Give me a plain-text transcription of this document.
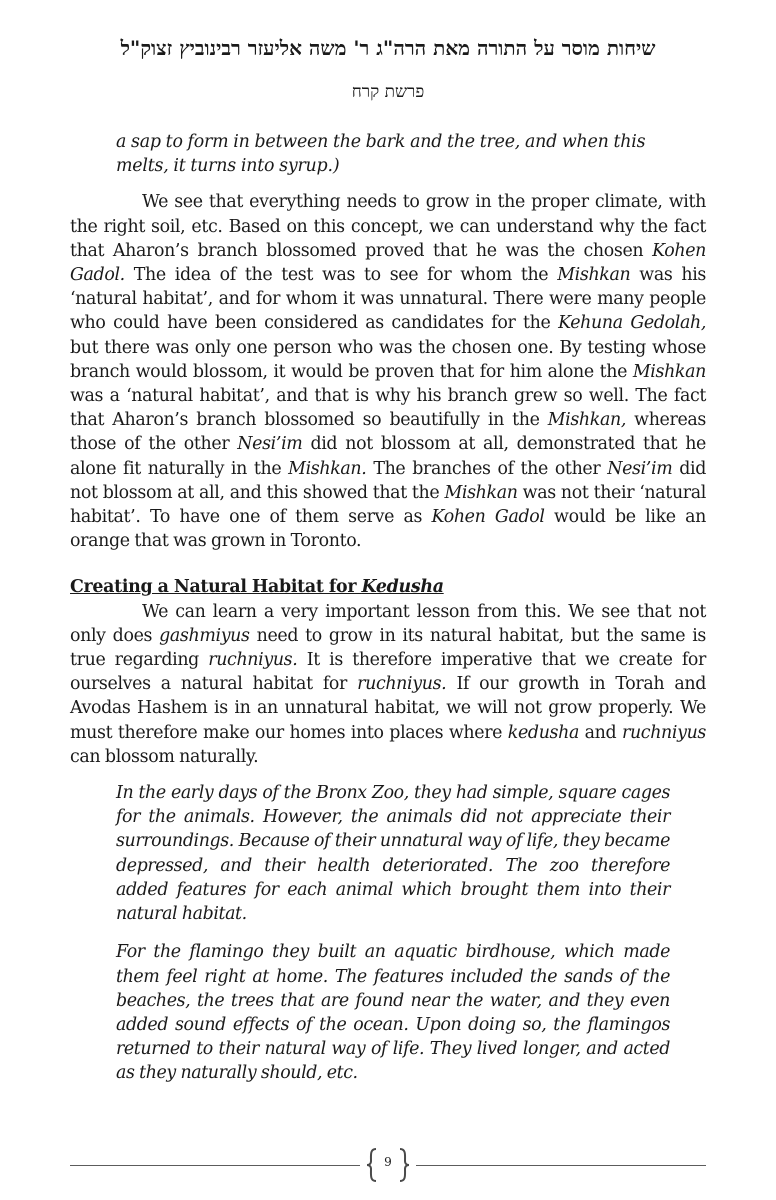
שיחות מוסר על התורה מאת הרה"ג ר' משה אליעזר רבינוביץ זצוק"ל
פרשת קרח

a sap to form in between the bark and the tree, and when this melts, it turns into syrup.)

We see that everything needs to grow in the proper climate, with the right soil, etc. Based on this concept, we can understand why the fact that Aharon’s branch blossomed proved that he was the chosen Kohen Gadol. The idea of the test was to see for whom the Mishkan was his ‘natural habitat’, and for whom it was unnatural. There were many people who could have been considered as candidates for the Kehuna Gedolah, but there was only one person who was the chosen one. By testing whose branch would blossom, it would be proven that for him alone the Mishkan was a ‘natural habitat’, and that is why his branch grew so well. The fact that Aharon’s branch blossomed so beautifully in the Mishkan, whereas those of the other Nesi’im did not blossom at all, demonstrated that he alone fit naturally in the Mishkan. The branches of the other Nesi’im did not blossom at all, and this showed that the Mishkan was not their ‘natural habitat’. To have one of them serve as Kohen Gadol would be like an orange that was grown in Toronto.

Creating a Natural Habitat for Kedusha

We can learn a very important lesson from this. We see that not only does gashmiyus need to grow in its natural habitat, but the same is true regarding ruchniyus. It is therefore imperative that we create for ourselves a natural habitat for ruchniyus. If our growth in Torah and Avodas Hashem is in an unnatural habitat, we will not grow properly. We must therefore make our homes into places where kedusha and ruchniyus can blossom naturally.

In the early days of the Bronx Zoo, they had simple, square cages for the animals. However, the animals did not appreciate their surroundings. Because of their unnatural way of life, they became depressed, and their health deteriorated. The zoo therefore added features for each animal which brought them into their natural habitat.

For the flamingo they built an aquatic birdhouse, which made them feel right at home. The features included the sands of the beaches, the trees that are found near the water, and they even added sound effects of the ocean. Upon doing so, the flamingos returned to their natural way of life. They lived longer, and acted as they naturally should, etc.

9
